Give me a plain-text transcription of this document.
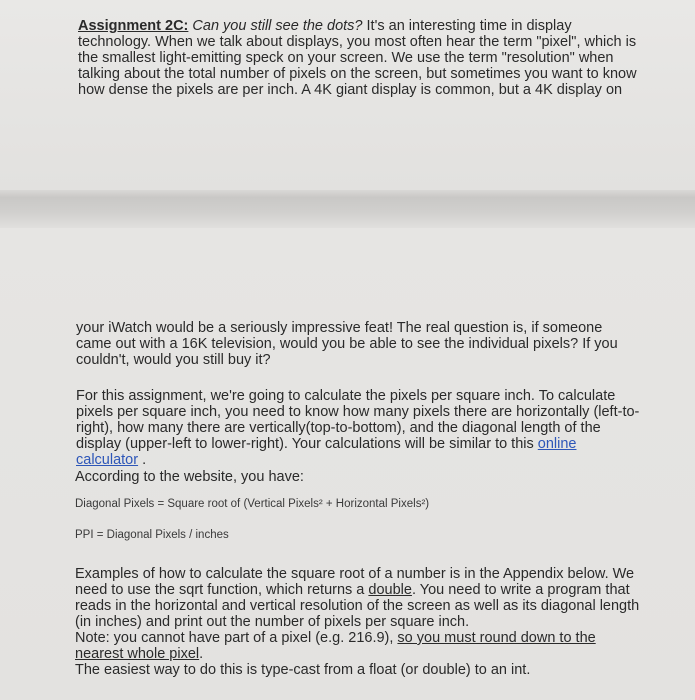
Assignment 2C: Can you still see the dots? It's an interesting time in display
technology. When we talk about displays, you most often hear the term "pixel", which is
the smallest light-emitting speck on your screen. We use the term "resolution" when
talking about the total number of pixels on the screen, but sometimes you want to know
how dense the pixels are per inch. A 4K giant display is common, but a 4K display on
your iWatch would be a seriously impressive feat! The real question is, if someone
came out with a 16K television, would you be able to see the individual pixels? If you
couldn't, would you still buy it?
For this assignment, we're going to calculate the pixels per square inch. To calculate
pixels per square inch, you need to know how many pixels there are horizontally (left-to-
right), how many there are vertically(top-to-bottom), and the diagonal length of the
display (upper-left to lower-right). Your calculations will be similar to this online
calculator .
According to the website, you have:
Diagonal Pixels = Square root of (Vertical Pixels² + Horizontal Pixels²)
PPI = Diagonal Pixels / inches
Examples of how to calculate the square root of a number is in the Appendix below. We
need to use the sqrt function, which returns a double. You need to write a program that
reads in the horizontal and vertical resolution of the screen as well as its diagonal length
(in inches) and print out the number of pixels per square inch.
Note: you cannot have part of a pixel (e.g. 216.9), so you must round down to the
nearest whole pixel.
The easiest way to do this is type-cast from a float (or double) to an int.
